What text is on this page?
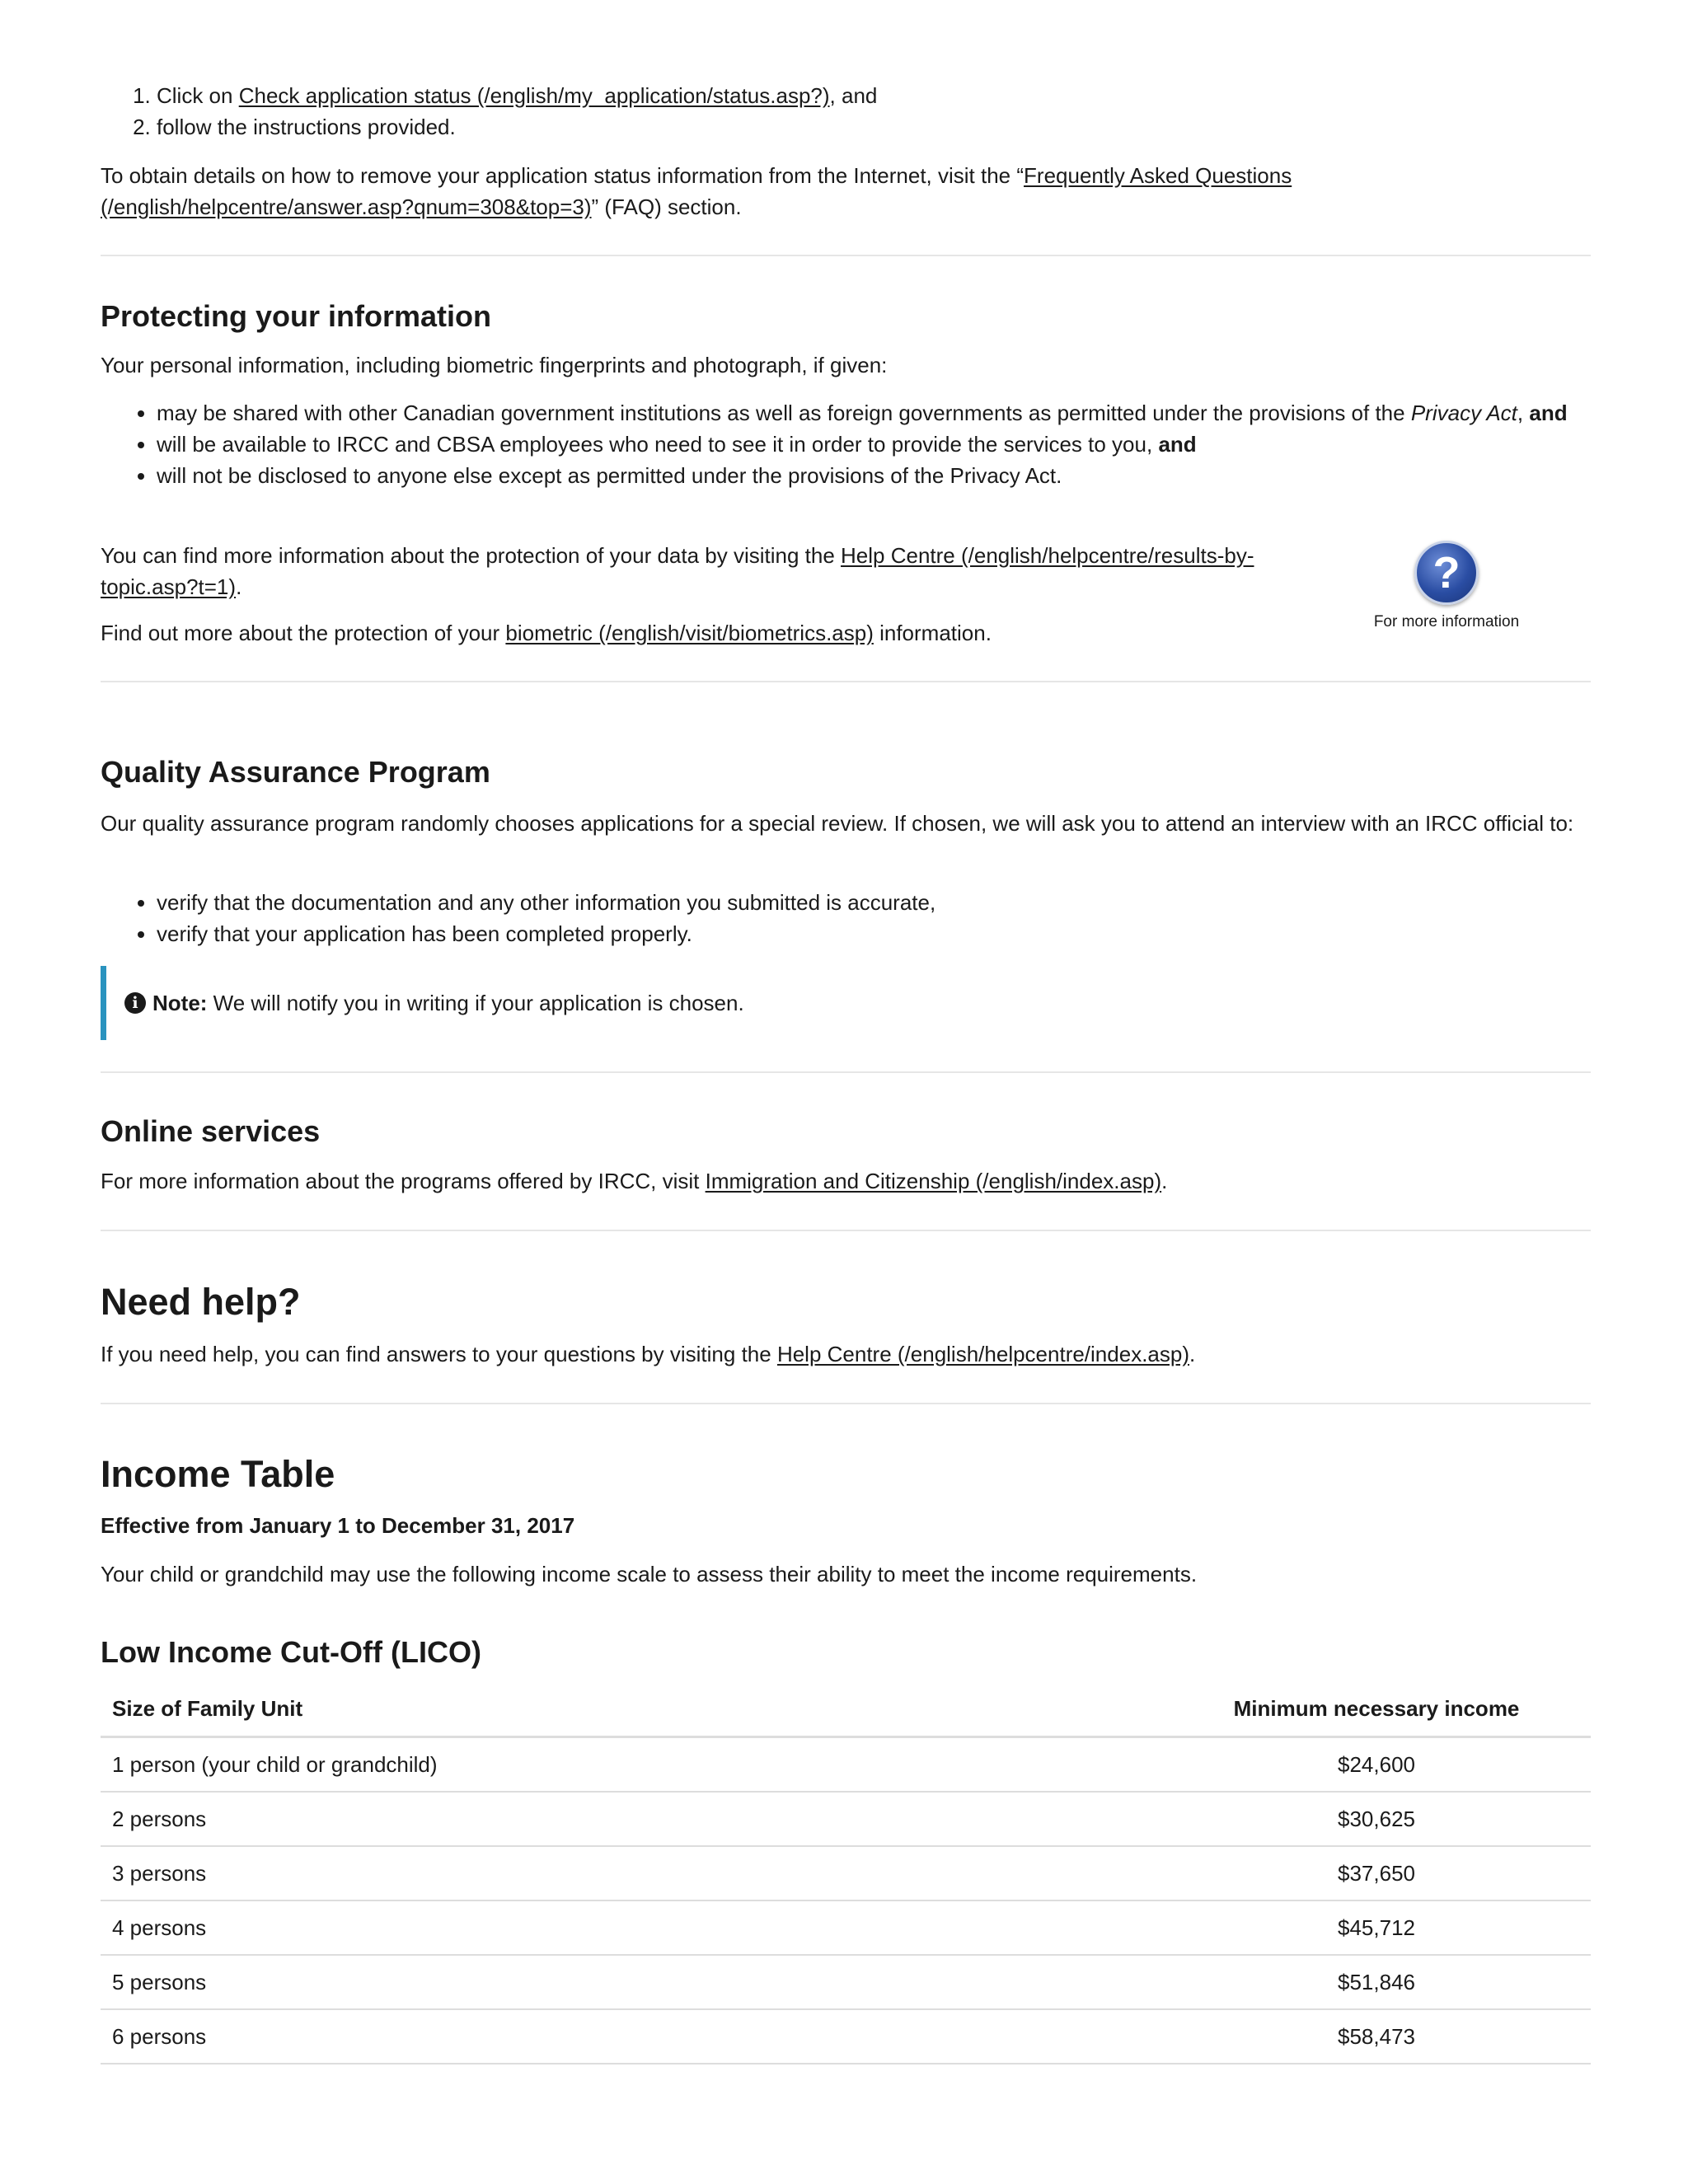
1. Click on Check application status (/english/my_application/status.asp?), and
2. follow the instructions provided.

To obtain details on how to remove your application status information from the Internet, visit the “Frequently Asked Questions (/english/helpcentre/answer.asp?qnum=308&top=3)” (FAQ) section.

Protecting your information

Your personal information, including biometric fingerprints and photograph, if given:

• may be shared with other Canadian government institutions as well as foreign governments as permitted under the provisions of the Privacy Act, and
• will be available to IRCC and CBSA employees who need to see it in order to provide the services to you, and
• will not be disclosed to anyone else except as permitted under the provisions of the Privacy Act.

You can find more information about the protection of your data by visiting the Help Centre (/english/helpcentre/results-by-topic.asp?t=1).

Find out more about the protection of your biometric (/english/visit/biometrics.asp) information.

?
For more information
Quality Assurance Program

Our quality assurance program randomly chooses applications for a special review. If chosen, we will ask you to attend an interview with an IRCC official to:

• verify that the documentation and any other information you submitted is accurate,
• verify that your application has been completed properly.
i Note: We will notify you in writing if your application is chosen.
Online services

For more information about the programs offered by IRCC, visit Immigration and Citizenship (/english/index.asp).

Need help?

If you need help, you can find answers to your questions by visiting the Help Centre (/english/helpcentre/index.asp).

Income Table

Effective from January 1 to December 31, 2017

Your child or grandchild may use the following income scale to assess their ability to meet the income requirements.

Low Income Cut-Off (LICO)
Size of Family Unit	Minimum necessary income
1 person (your child or grandchild)	$24,600
2 persons	$30,625
3 persons	$37,650
4 persons	$45,712
5 persons	$51,846
6 persons	$58,473
